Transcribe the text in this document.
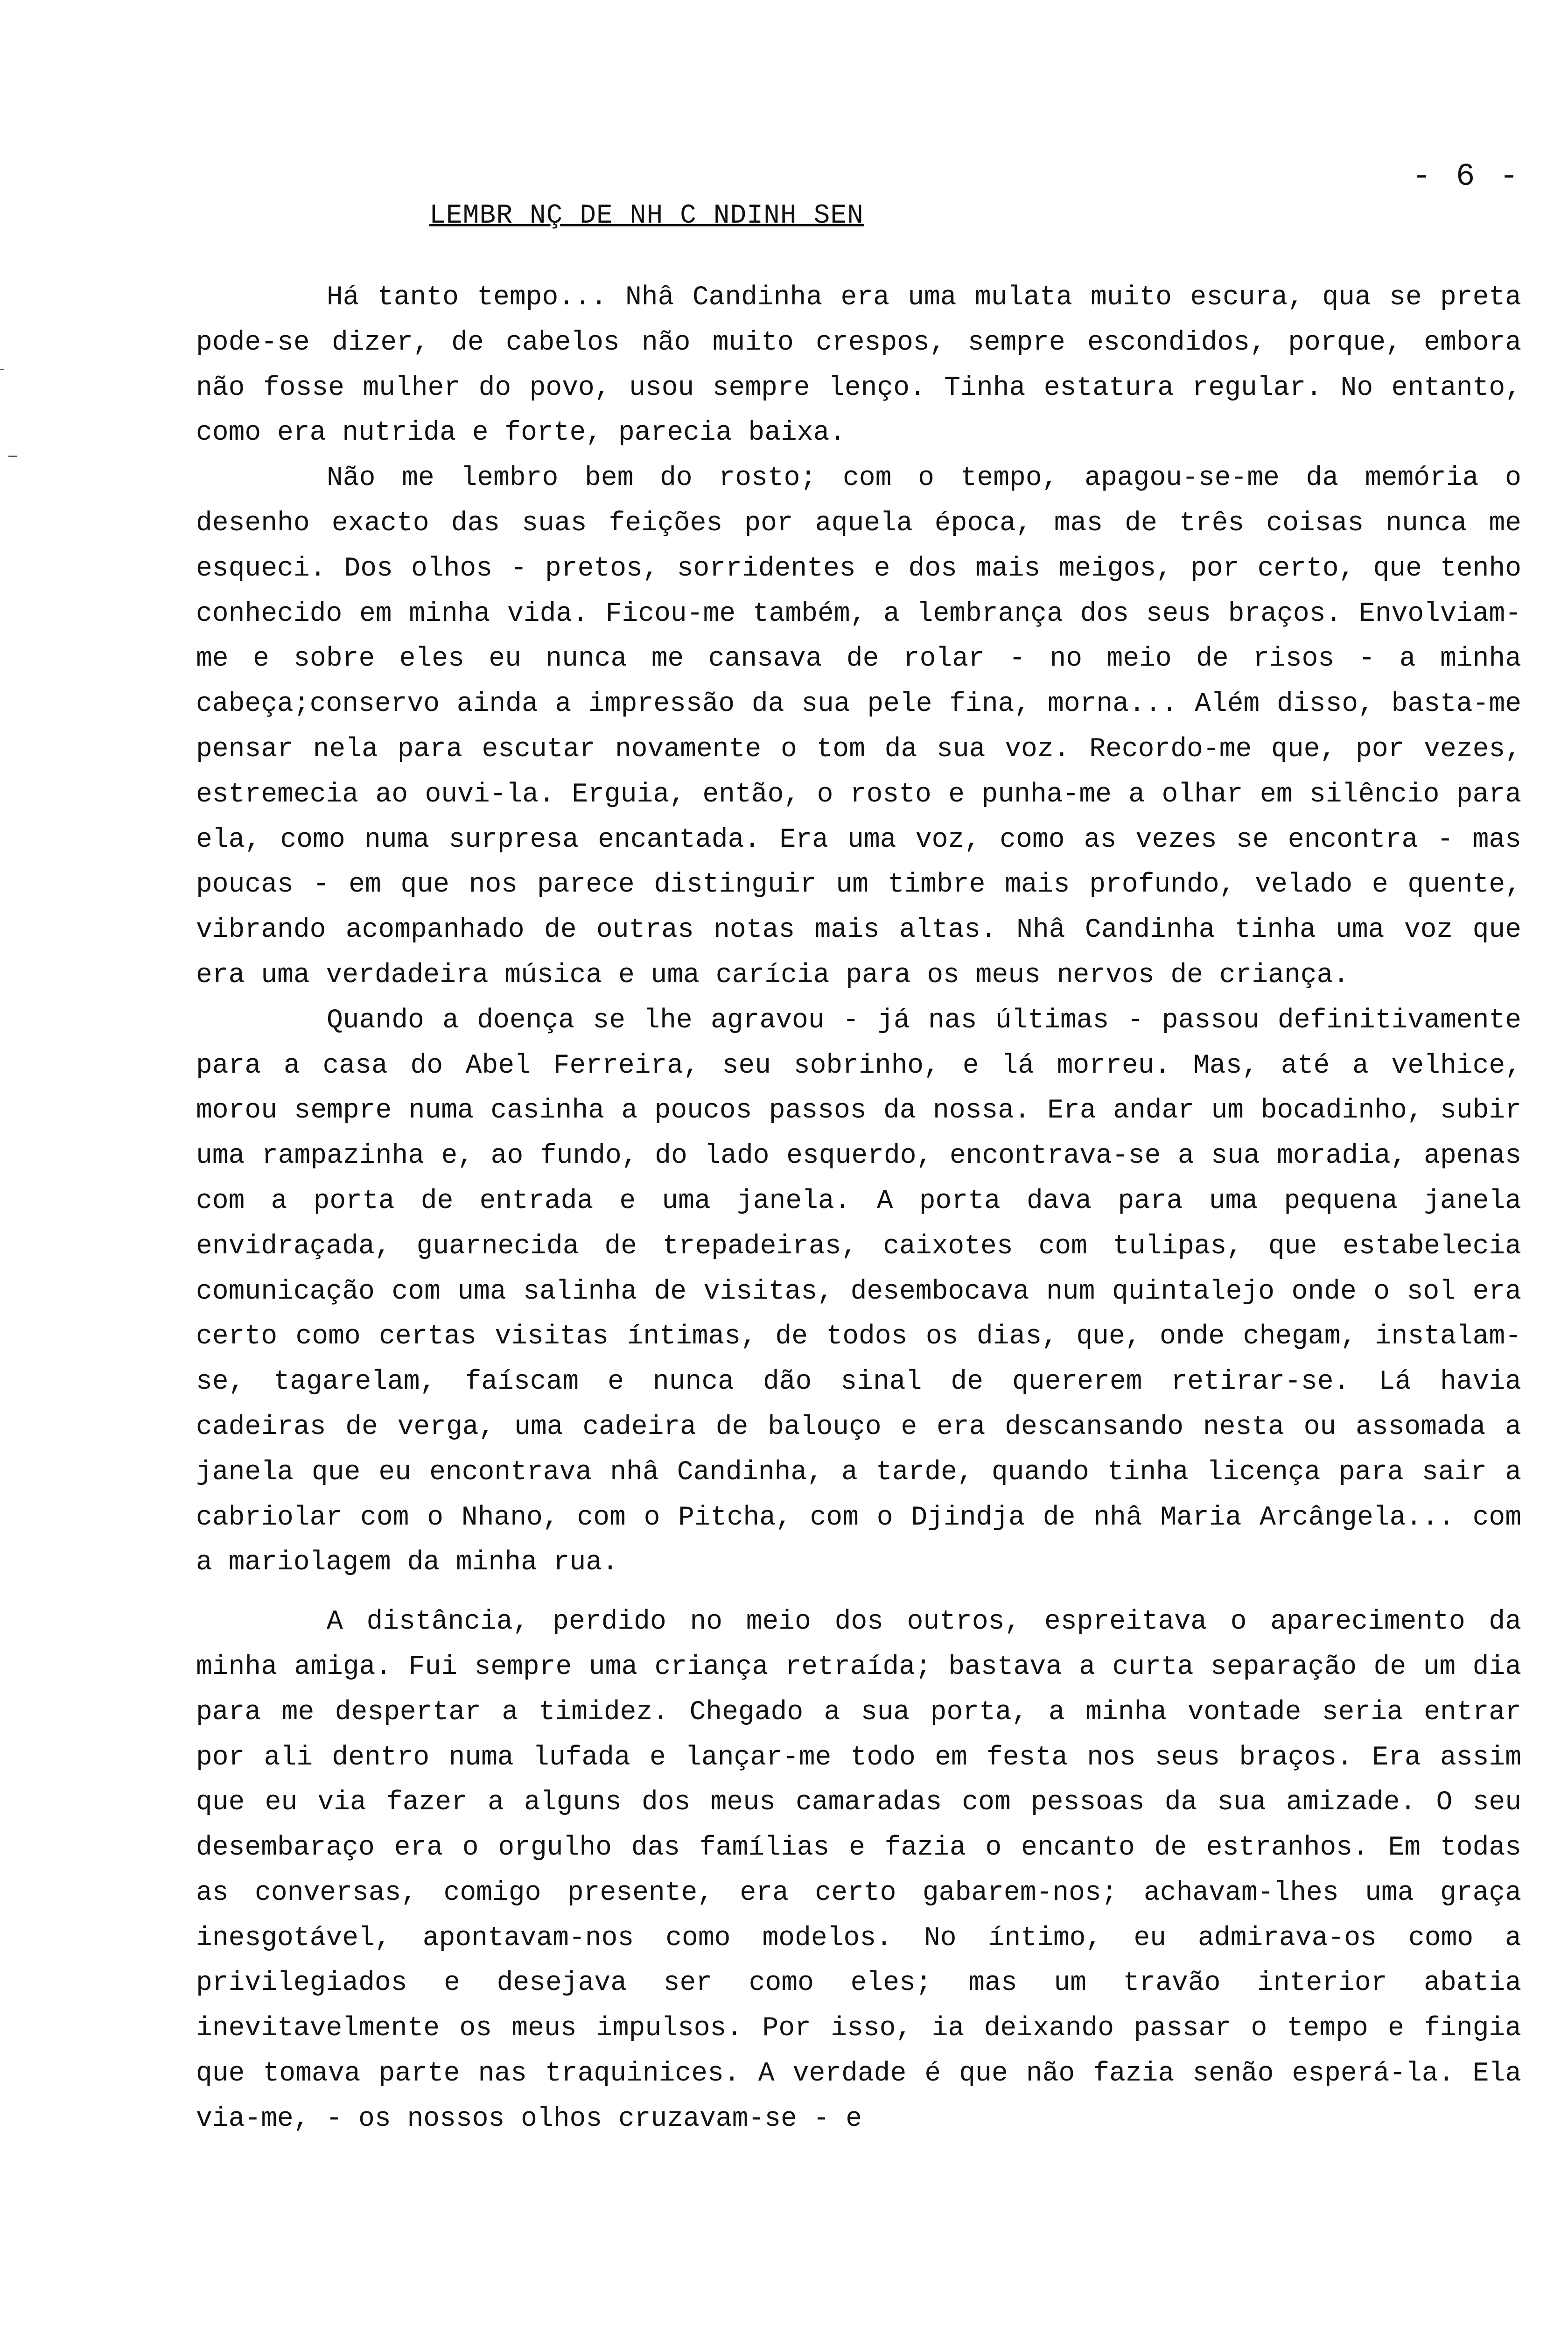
- 6 -
LEMBR NÇ DE NH C NDINH SEN

Há tanto tempo... Nhâ Candinha era uma mulata muito escura, qua se preta pode-se dizer, de cabelos não muito crespos, sempre escondidos, porque, embora não fosse mulher do povo, usou sempre lenço. Tinha estatura regular. No entanto, como era nutrida e forte, parecia baixa.

Não me lembro bem do rosto; com o tempo, apagou-se-me da memória o desenho exacto das suas feições por aquela época, mas de três coisas nunca me esqueci. Dos olhos - pretos, sorridentes e dos mais meigos, por certo, que tenho conhecido em minha vida. Ficou-me também, a lembrança dos seus braços. Envolviam-me e sobre eles eu nunca me cansava de rolar - no meio de risos - a minha cabeça;conservo ainda a impressão da sua pele fina, morna... Além disso, basta-me pensar nela para escutar novamente o tom da sua voz. Recordo-me que, por vezes, estremecia ao ouvi-la. Erguia, então, o rosto e punha-me a olhar em silêncio para ela, como numa surpresa encantada. Era uma voz, como as vezes se encontra - mas poucas - em que nos parece distinguir um timbre mais profundo, velado e quente, vibrando acompanhado de outras notas mais altas. Nhâ Candinha tinha uma voz que era uma verdadeira música e uma carícia para os meus nervos de criança.

Quando a doença se lhe agravou - já nas últimas - passou definitivamente para a casa do Abel Ferreira, seu sobrinho, e lá morreu. Mas, até a velhice, morou sempre numa casinha a poucos passos da nossa. Era andar um bocadinho, subir uma rampazinha e, ao fundo, do lado esquerdo, encontrava-se a sua moradia, apenas com a porta de entrada e uma janela. A porta dava para uma pequena janela envidraçada, guarnecida de trepadeiras, caixotes com tulipas, que estabelecia comunicação com uma salinha de visitas, desembocava num quintalejo onde o sol era certo como certas visitas íntimas, de todos os dias, que, onde chegam, instalam-se, tagarelam, faíscam e nunca dão sinal de quererem retirar-se. Lá havia cadeiras de verga, uma cadeira de balouço e era descansando nesta ou assomada a janela que eu encontrava nhâ Candinha, a tarde, quando tinha licença para sair a cabriolar com o Nhano, com o Pitcha, com o Djindja de nhâ Maria Arcângela... com a mariolagem da minha rua.

A distância, perdido no meio dos outros, espreitava o aparecimento da minha amiga. Fui sempre uma criança retraída; bastava a curta separação de um dia para me despertar a timidez. Chegado a sua porta, a minha vontade seria entrar por ali dentro numa lufada e lançar-me todo em festa nos seus braços. Era assim que eu via fazer a alguns dos meus camaradas com pessoas da sua amizade. O seu desembaraço era o orgulho das famílias e fazia o encanto de estranhos. Em todas as conversas, comigo presente, era certo gabarem-nos; achavam-lhes uma graça inesgotável, apontavam-nos como modelos. No íntimo, eu admirava-os como a privilegiados e desejava ser como eles; mas um travão interior abatia inevitavelmente os meus impulsos. Por isso, ia deixando passar o tempo e fingia que tomava parte nas traquinices. A verdade é que não fazia senão esperá-la. Ela via-me, - os nossos olhos cruzavam-se - e
